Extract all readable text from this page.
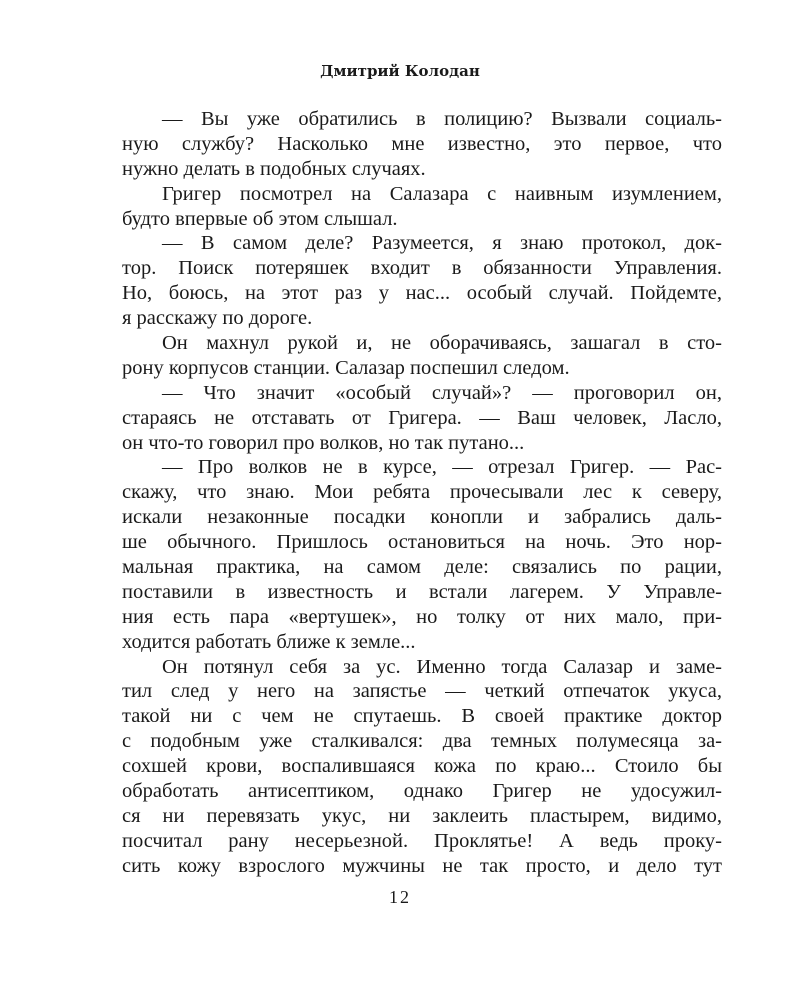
Дмитрий Колодан
— Вы уже обратились в полицию? Вызвали социаль-
ную службу? Насколько мне известно, это первое, что
нужно делать в подобных случаях.
Григер посмотрел на Салазара с наивным изумлением,
будто впервые об этом слышал.
— В самом деле? Разумеется, я знаю протокол, док-
тор. Поиск потеряшек входит в обязанности Управления.
Но, боюсь, на этот раз у нас... особый случай. Пойдемте,
я расскажу по дороге.
Он махнул рукой и, не оборачиваясь, зашагал в сто-
рону корпусов станции. Салазар поспешил следом.
— Что значит «особый случай»? — проговорил он,
стараясь не отставать от Григера. — Ваш человек, Ласло,
он что-то говорил про волков, но так путано...
— Про волков не в курсе, — отрезал Григер. — Рас-
скажу, что знаю. Мои ребята прочесывали лес к северу,
искали незаконные посадки конопли и забрались даль-
ше обычного. Пришлось остановиться на ночь. Это нор-
мальная практика, на самом деле: связались по рации,
поставили в известность и встали лагерем. У Управле-
ния есть пара «вертушек», но толку от них мало, при-
ходится работать ближе к земле...
Он потянул себя за ус. Именно тогда Салазар и заме-
тил след у него на запястье — четкий отпечаток укуса,
такой ни с чем не спутаешь. В своей практике доктор
с подобным уже сталкивался: два темных полумесяца за-
сохшей крови, воспалившаяся кожа по краю... Стоило бы
обработать антисептиком, однако Григер не удосужил-
ся ни перевязать укус, ни заклеить пластырем, видимо,
посчитал рану несерьезной. Проклятье! А ведь проку-
сить кожу взрослого мужчины не так просто, и дело тут
12
